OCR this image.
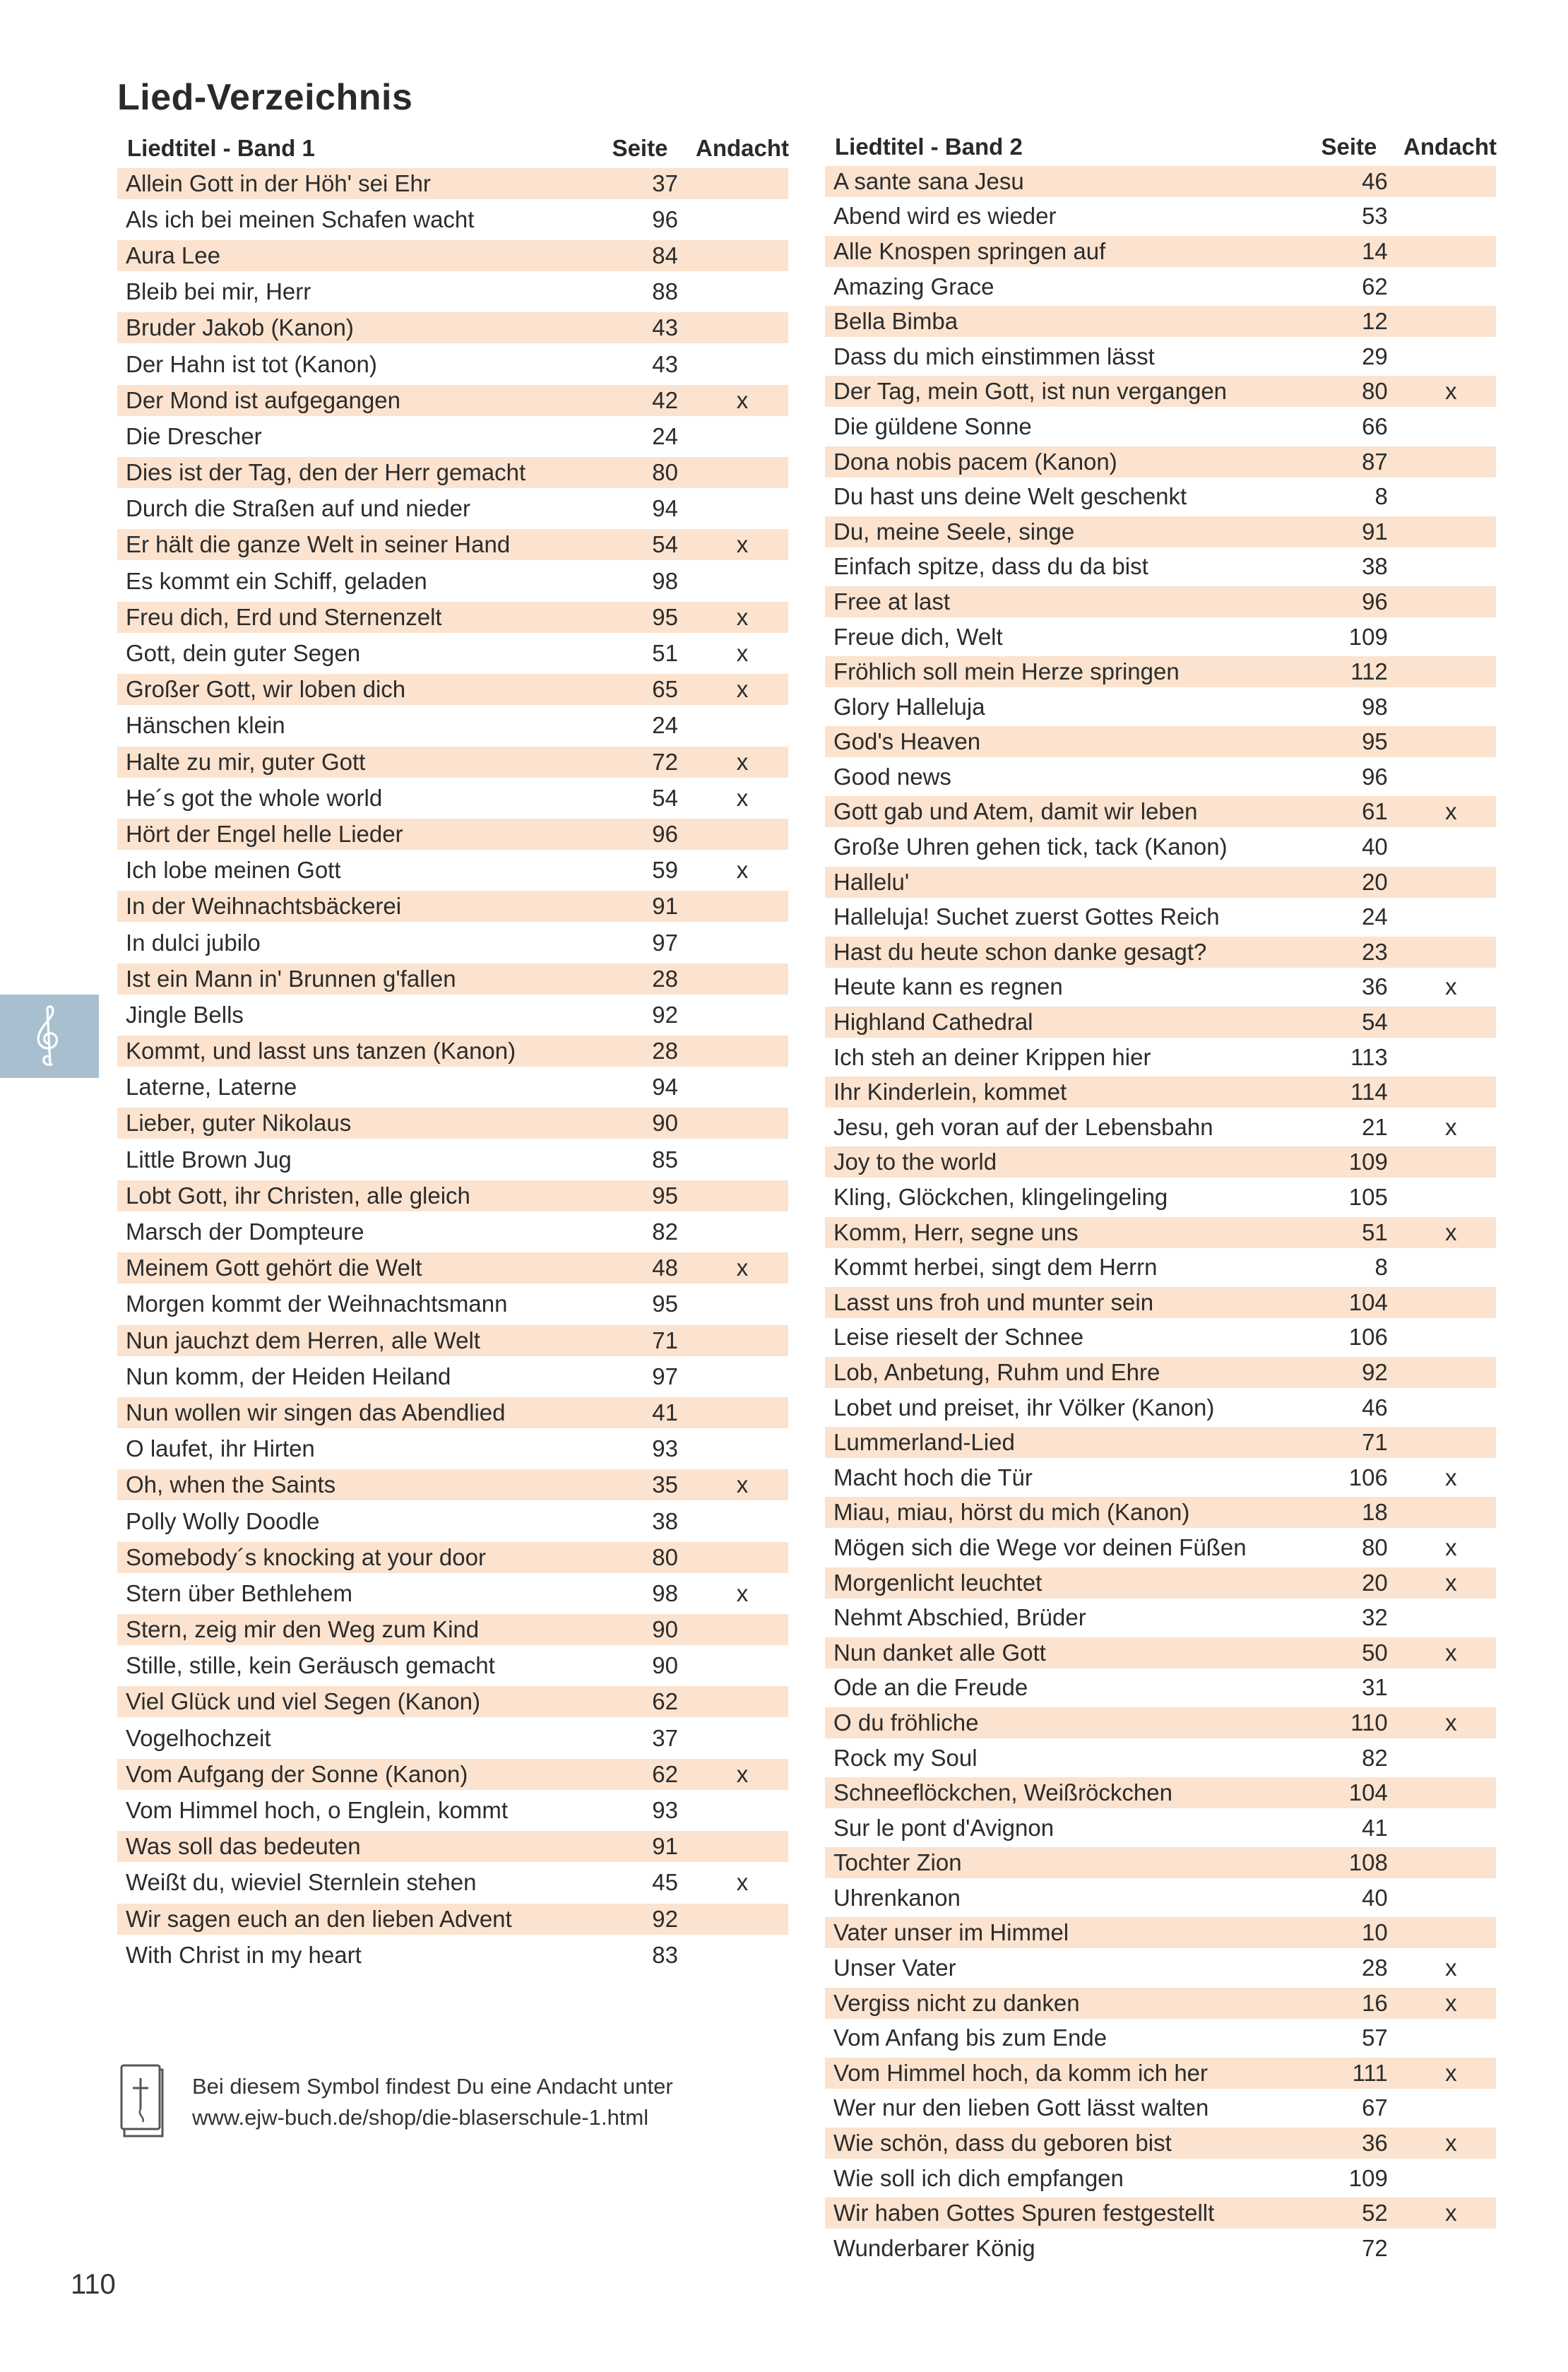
Lied-Verzeichnis
Liedtitel - Band 1	Seite	Andacht
Allein Gott in der Höh' sei Ehr	37
Als ich bei meinen Schafen wacht	96
Aura Lee	84
Bleib bei mir, Herr	88
Bruder Jakob (Kanon)	43
Der Hahn ist tot (Kanon)	43
Der Mond ist aufgegangen	42	x
Die Drescher	24
Dies ist der Tag, den der Herr gemacht	80
Durch die Straßen auf und nieder	94
Er hält die ganze Welt in seiner Hand	54	x
Es kommt ein Schiff, geladen	98
Freu dich, Erd und Sternenzelt	95	x
Gott, dein guter Segen	51	x
Großer Gott, wir loben dich	65	x
Hänschen klein	24
Halte zu mir, guter Gott	72	x
He´s got the whole world	54	x
Hört der Engel helle Lieder	96
Ich lobe meinen Gott	59	x
In der Weihnachtsbäckerei	91
In dulci jubilo	97
Ist ein Mann in' Brunnen g'fallen	28
Jingle Bells	92
Kommt, und lasst uns tanzen (Kanon)	28
Laterne, Laterne	94
Lieber, guter Nikolaus	90
Little Brown Jug	85
Lobt Gott, ihr Christen, alle gleich	95
Marsch der Dompteure	82
Meinem Gott gehört die Welt	48	x
Morgen kommt der Weihnachtsmann	95
Nun jauchzt dem Herren, alle Welt	71
Nun komm, der Heiden Heiland	97
Nun wollen wir singen das Abendlied	41
O laufet, ihr Hirten	93
Oh, when the Saints	35	x
Polly Wolly Doodle	38
Somebody´s knocking at your door	80
Stern über Bethlehem	98	x
Stern, zeig mir den Weg zum Kind	90
Stille, stille, kein Geräusch gemacht	90
Viel Glück und viel Segen (Kanon)	62
Vogelhochzeit	37
Vom Aufgang der Sonne (Kanon)	62	x
Vom Himmel hoch, o Englein, kommt	93
Was soll das bedeuten	91
Weißt du, wieviel Sternlein stehen	45	x
Wir sagen euch an den lieben Advent	92
With Christ in my heart	83
Liedtitel - Band 2	Seite	Andacht
A sante sana Jesu	46
Abend wird es wieder	53
Alle Knospen springen auf	14
Amazing Grace	62
Bella Bimba	12
Dass du mich einstimmen lässt	29
Der Tag, mein Gott, ist nun vergangen	80	x
Die güldene Sonne	66
Dona nobis pacem (Kanon)	87
Du hast uns deine Welt geschenkt	8
Du, meine Seele, singe	91
Einfach spitze, dass du da bist	38
Free at last	96
Freue dich, Welt	109
Fröhlich soll mein Herze springen	112
Glory Halleluja	98
God's Heaven	95
Good news	96
Gott gab und Atem, damit wir leben	61	x
Große Uhren gehen tick, tack (Kanon)	40
Hallelu'	20
Halleluja! Suchet zuerst Gottes Reich	24
Hast du heute schon danke gesagt?	23
Heute kann es regnen	36	x
Highland Cathedral	54
Ich steh an deiner Krippen hier	113
Ihr Kinderlein, kommet	114
Jesu, geh voran auf der Lebensbahn	21	x
Joy to the world	109
Kling, Glöckchen, klingelingeling	105
Komm, Herr, segne uns	51	x
Kommt herbei, singt dem Herrn	8
Lasst uns froh und munter sein	104
Leise rieselt der Schnee	106
Lob, Anbetung, Ruhm und Ehre	92
Lobet und preiset, ihr Völker (Kanon)	46
Lummerland-Lied	71
Macht hoch die Tür	106	x
Miau, miau, hörst du mich (Kanon)	18
Mögen sich die Wege vor deinen Füßen	80	x
Morgenlicht leuchtet	20	x
Nehmt Abschied, Brüder	32
Nun danket alle Gott	50	x
Ode an die Freude	31
O du fröhliche	110	x
Rock my Soul	82
Schneeflöckchen, Weißröckchen	104
Sur le pont d'Avignon	41
Tochter Zion	108
Uhrenkanon	40
Vater unser im Himmel	10
Unser Vater	28	x
Vergiss nicht zu danken	16	x
Vom Anfang bis zum Ende	57
Vom Himmel hoch, da komm ich her	111	x
Wer nur den lieben Gott lässt walten	67
Wie schön, dass du geboren bist	36	x
Wie soll ich dich empfangen	109
Wir haben Gottes Spuren festgestellt	52	x
Wunderbarer König	72
Bei diesem Symbol findest Du eine Andacht unter
www.ejw-buch.de/shop/die-blaserschule-1.html
110
